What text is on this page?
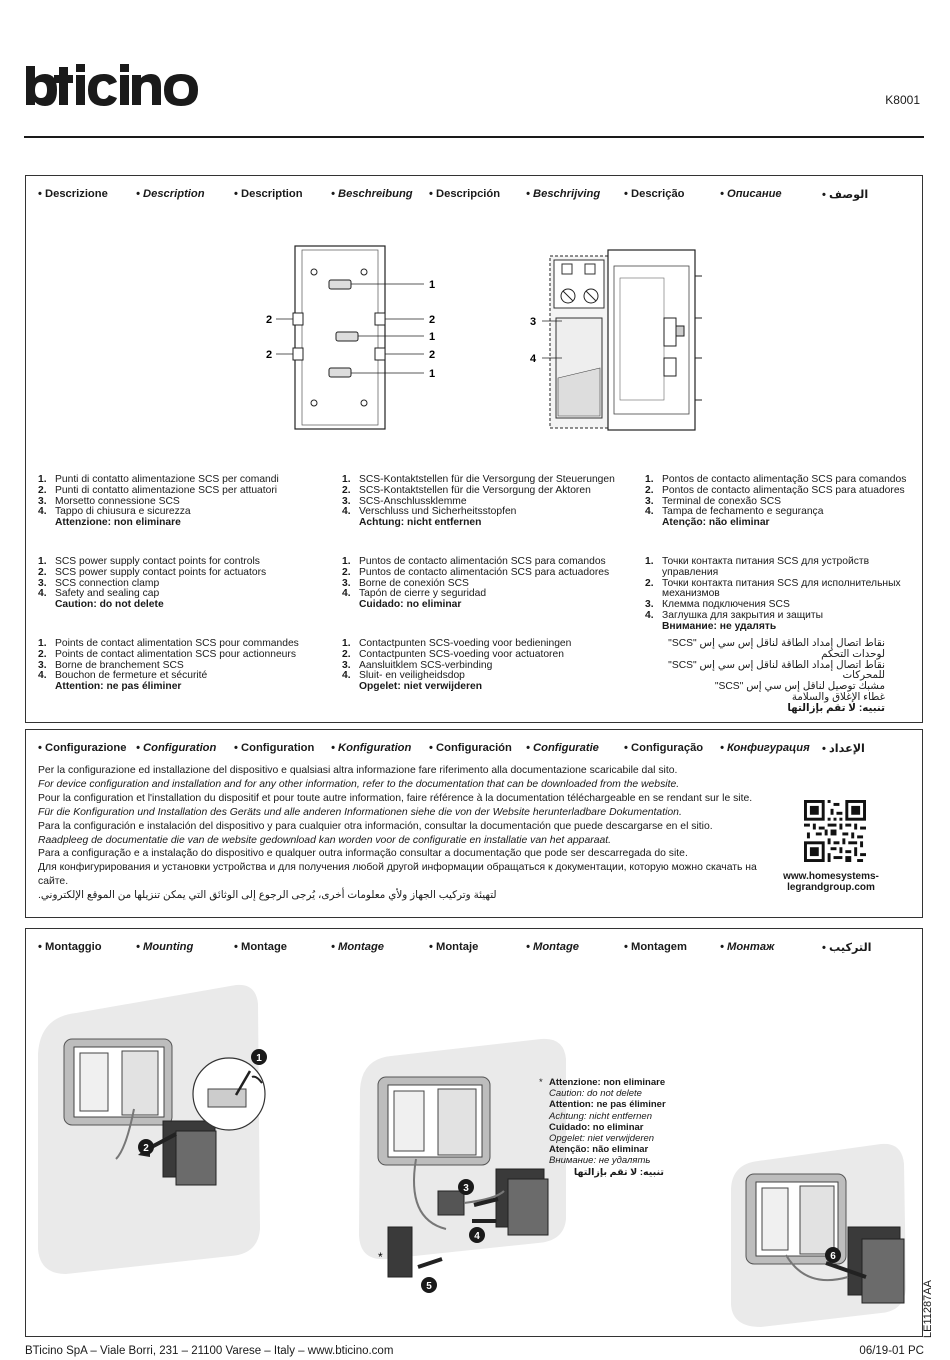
K8001
• Descrizione	• Description	• Description	• Beschreibung • Descripción • Beschrijving • Descrição	• Описание	• الوصف
1
2	2
1
2	2
1
3
4
1. Punti di contatto alimentazione SCS per comandi
2. Punti di contatto alimentazione SCS per attuatori
3. Morsetto connessione SCS
4. Tappo di chiusura e sicurezza
Attenzione: non eliminare
1. SCS-Kontaktstellen für die Versorgung der Steuerungen
2. SCS-Kontaktstellen für die Versorgung der Aktoren
3. SCS-Anschlussklemme
4. Verschluss und Sicherheitsstopfen
Achtung: nicht entfernen
1. Pontos de contacto alimentação SCS para comandos
2. Pontos de contacto alimentação SCS para atuadores
3. Terminal de conexão SCS
4. Tampa de fechamento e segurança
Atenção: não eliminar
1. SCS power supply contact points for controls
2. SCS power supply contact points for actuators
3. SCS connection clamp
4. Safety and sealing cap
Caution: do not delete
1. Puntos de contacto alimentación SCS para comandos
2. Puntos de contacto alimentación SCS para actuadores
3. Borne de conexión SCS
4. Tapón de cierre y seguridad
Cuidado: no eliminar
1. Точки контакта питания SCS для устройств управления
2. Точки контакта питания SCS для исполнительных механизмов
3. Клемма подключения SCS
4. Заглушка для закрытия и защиты
Внимание: не удалять
1. Points de contact alimentation SCS pour commandes
2. Points de contact alimentation SCS pour actionneurs
3. Borne de branchement SCS
4. Bouchon de fermeture et sécurité
Attention: ne pas éliminer
1. Contactpunten SCS-voeding voor bedieningen
2. Contactpunten SCS-voeding voor actuatoren
3. Aansluitklem SCS-verbinding
4. Sluit- en veiligheidsdop
Opgelet: niet verwijderen
نقاط اتصال إمداد الطاقة لناقل إس سي إس "SCS" لوحدات التحكم
نقاط اتصال إمداد الطاقة لناقل إس سي إس "SCS" للمحركات
مشبك توصيل لناقل إس سي إس "SCS"
غطاء الإغلاق والسلامة
تنبيه: لا تقم بإزالتها
• Configurazione • Configuration • Configuration • Konfiguration • Configuración • Configuratie • Configuração • Конфигурация • الإعداد

Per la configurazione ed installazione del dispositivo e qualsiasi altra informazione fare riferimento alla documentazione scaricabile dal sito.

For device configuration and installation and for any other information, refer to the documentation that can be downloaded from the website.

Pour la configuration et l'installation du dispositif et pour toute autre information, faire référence à la documentation téléchargeable en se rendant sur le site.

Für die Konfiguration und Installation des Geräts und alle anderen Informationen siehe die von der Website herunterladbare Dokumentation.

Para la configuración e instalación del dispositivo y para cualquier otra información, consultar la documentación que puede descargarse en el sitio.

Raadpleeg de documentatie die van de website gedownload kan worden voor de configuratie en installatie van het apparaat.

Para a configuração e a instalação do dispositivo e qualquer outra informação consultar a documentação que pode ser descarregada do site.

Для конфигурирования и установки устройства и для получения любой другой информации обращаться к документации, которую можно скачать на сайте.

لتهيئة وتركيب الجهاز ولأي معلومات أخرى، يُرجى الرجوع إلى الوثائق التي يمكن تنزيلها من الموقع الإلكتروني.

www.homesystems-legrandgroup.com
• Montaggio	• Mounting	• Montage	• Montage	• Montaje	• Montage	• Montagem	• Монтаж	• التركيب
1
2
3
4
5
*	6
* Attenzione: non eliminare
Caution: do not delete
Attention: ne pas éliminer
Achtung: nicht entfernen
Cuidado: no eliminar
Opgelet: niet verwijderen
Atenção: não eliminar
Внимание: не удалять
تنبيه: لا تقم بإزالتها
LE11287AA
BTicino SpA – Viale Borri, 231 – 21100 Varese – Italy – www.bticino.com	06/19-01 PC
